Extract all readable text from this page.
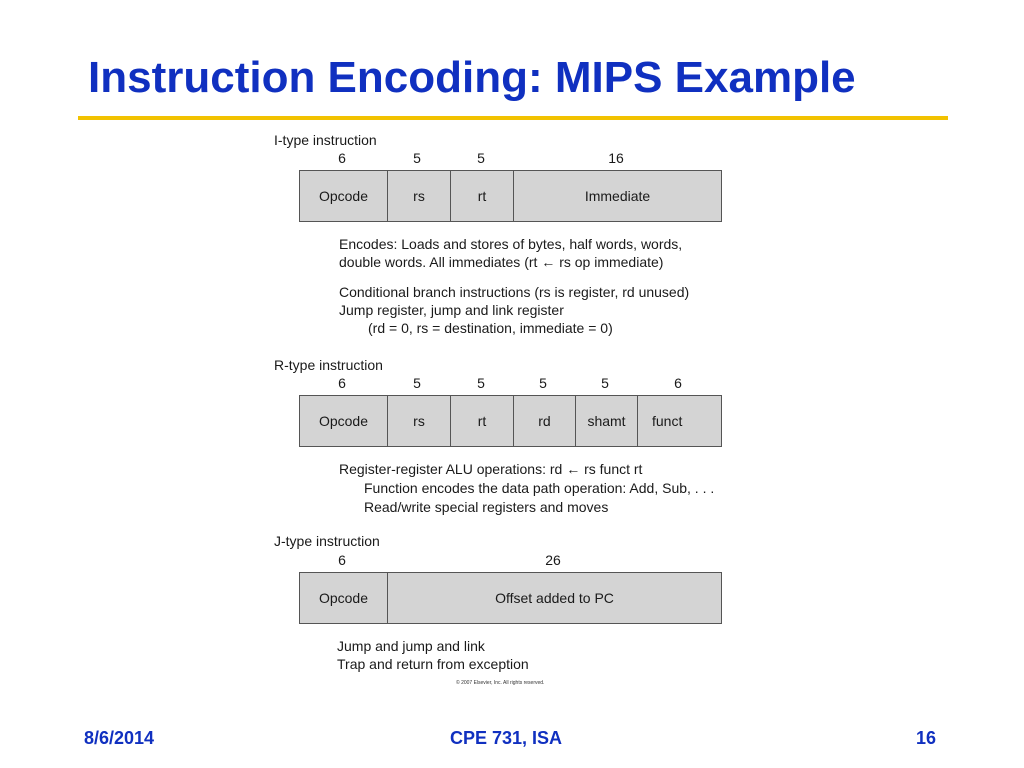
Instruction Encoding: MIPS Example
I-type instruction
6	5	5	16
Opcode	rs	rt	Immediate
Encodes: Loads and stores of bytes, half words, words,
double words. All immediates (rt ← rs op immediate)
Conditional branch instructions (rs is register, rd unused)
Jump register, jump and link register
(rd = 0, rs = destination, immediate = 0)
R-type instruction
6	5	5	5	5	6
Opcode	rs	rt	rd	shamt	funct
Register-register ALU operations: rd ← rs funct rt
Function encodes the data path operation: Add, Sub, . . .
Read/write special registers and moves
J-type instruction
6	26
Opcode	Offset added to PC
Jump and jump and link
Trap and return from exception
© 2007 Elsevier, Inc. All rights reserved.
8/6/2014	CPE 731, ISA	16
